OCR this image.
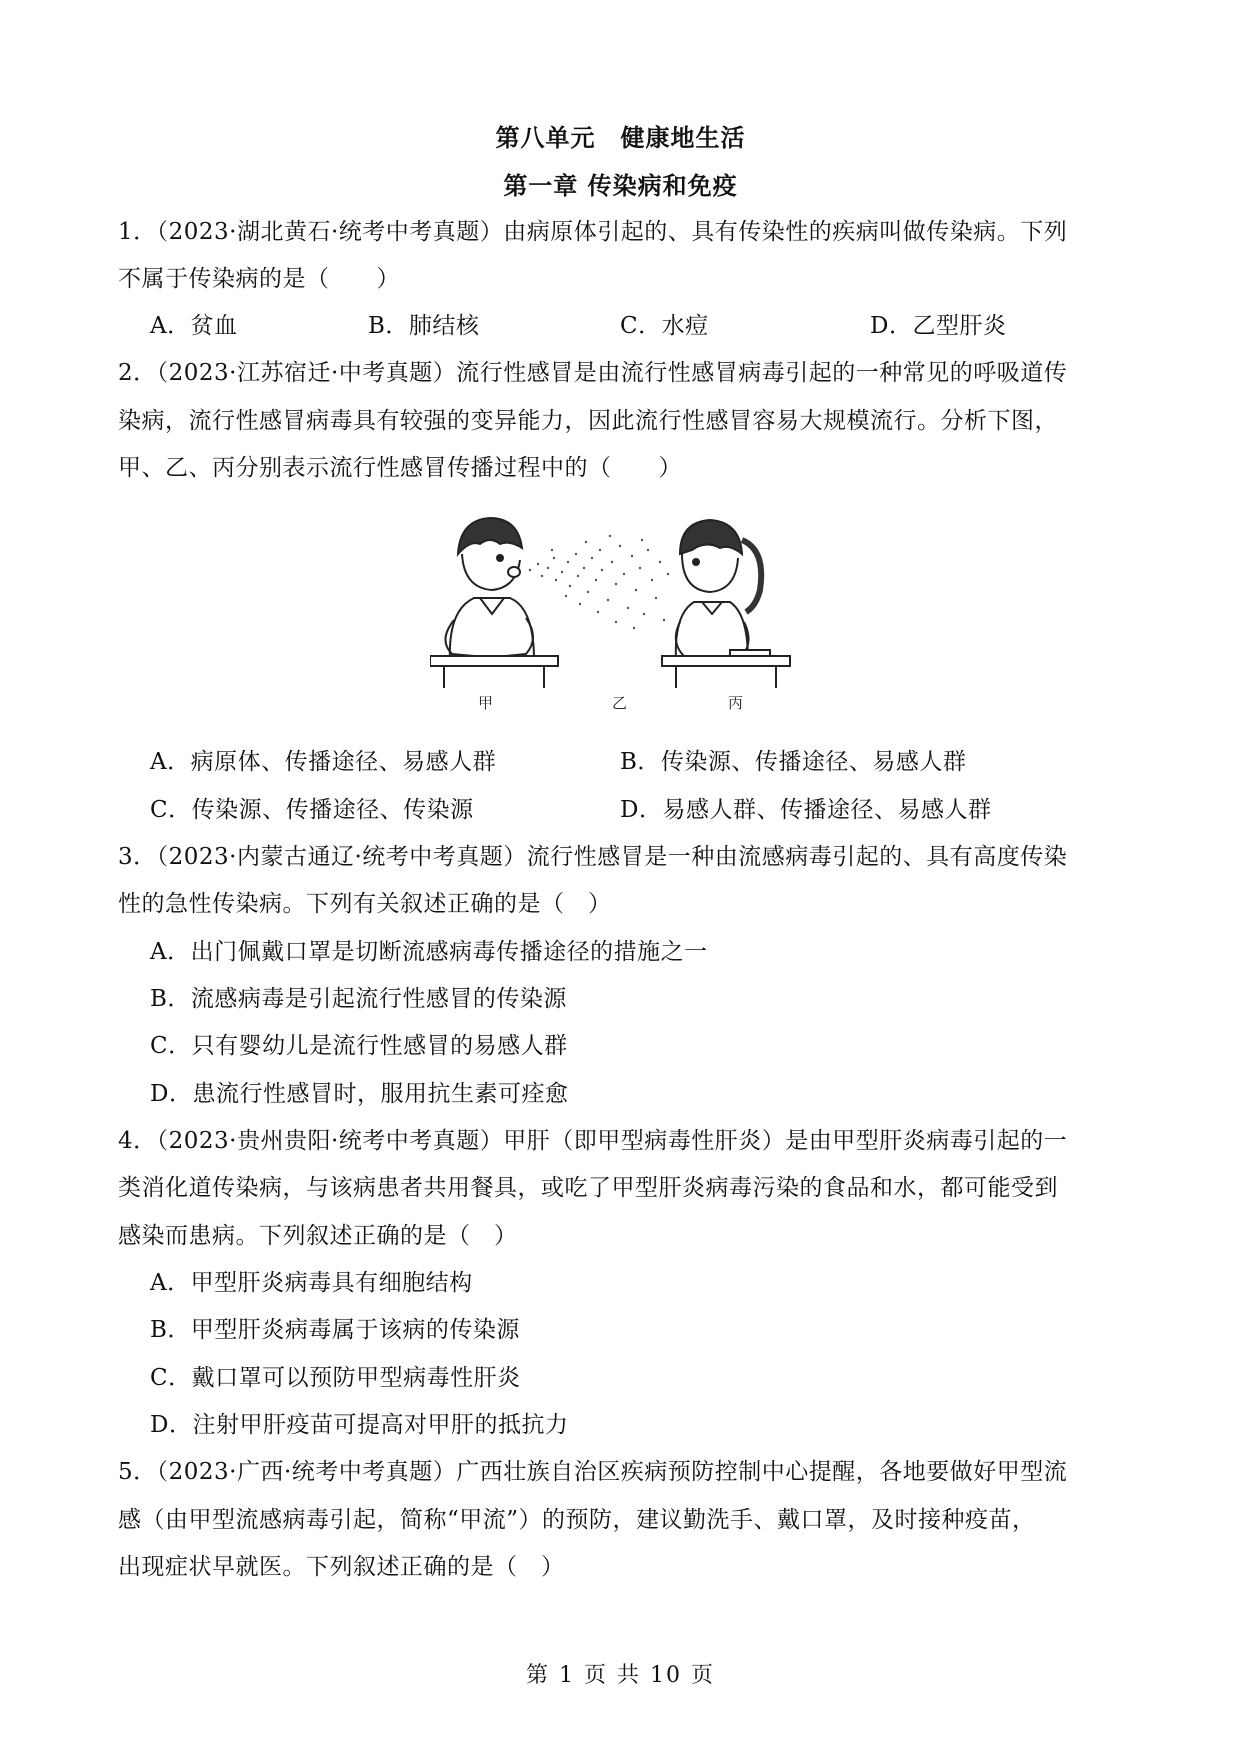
第八单元　健康地生活
第一章 传染病和免疫
1．（2023·湖北黄石·统考中考真题）由病原体引起的、具有传染性的疾病叫做传染病。下列
不属于传染病的是（　　）
A．贫血	B．肺结核	C．水痘	D．乙型肝炎
2．（2023·江苏宿迁·中考真题）流行性感冒是由流行性感冒病毒引起的一种常见的呼吸道传
染病，流行性感冒病毒具有较强的变异能力，因此流行性感冒容易大规模流行。分析下图，
甲、乙、丙分别表示流行性感冒传播过程中的（　　）
甲	乙	丙
A．病原体、传播途径、易感人群	B．传染源、传播途径、易感人群
C．传染源、传播途径、传染源	D．易感人群、传播途径、易感人群
3．（2023·内蒙古通辽·统考中考真题）流行性感冒是一种由流感病毒引起的、具有高度传染
性的急性传染病。下列有关叙述正确的是（　）
A．出门佩戴口罩是切断流感病毒传播途径的措施之一
B．流感病毒是引起流行性感冒的传染源
C．只有婴幼儿是流行性感冒的易感人群
D．患流行性感冒时，服用抗生素可痊愈
4．（2023·贵州贵阳·统考中考真题）甲肝（即甲型病毒性肝炎）是由甲型肝炎病毒引起的一
类消化道传染病，与该病患者共用餐具，或吃了甲型肝炎病毒污染的食品和水，都可能受到
感染而患病。下列叙述正确的是（　）
A．甲型肝炎病毒具有细胞结构
B．甲型肝炎病毒属于该病的传染源
C．戴口罩可以预防甲型病毒性肝炎
D．注射甲肝疫苗可提高对甲肝的抵抗力
5．（2023·广西·统考中考真题）广西壮族自治区疾病预防控制中心提醒，各地要做好甲型流
感（由甲型流感病毒引起，简称“甲流”）的预防，建议勤洗手、戴口罩，及时接种疫苗，
出现症状早就医。下列叙述正确的是（　）
第 1 页 共 10 页
